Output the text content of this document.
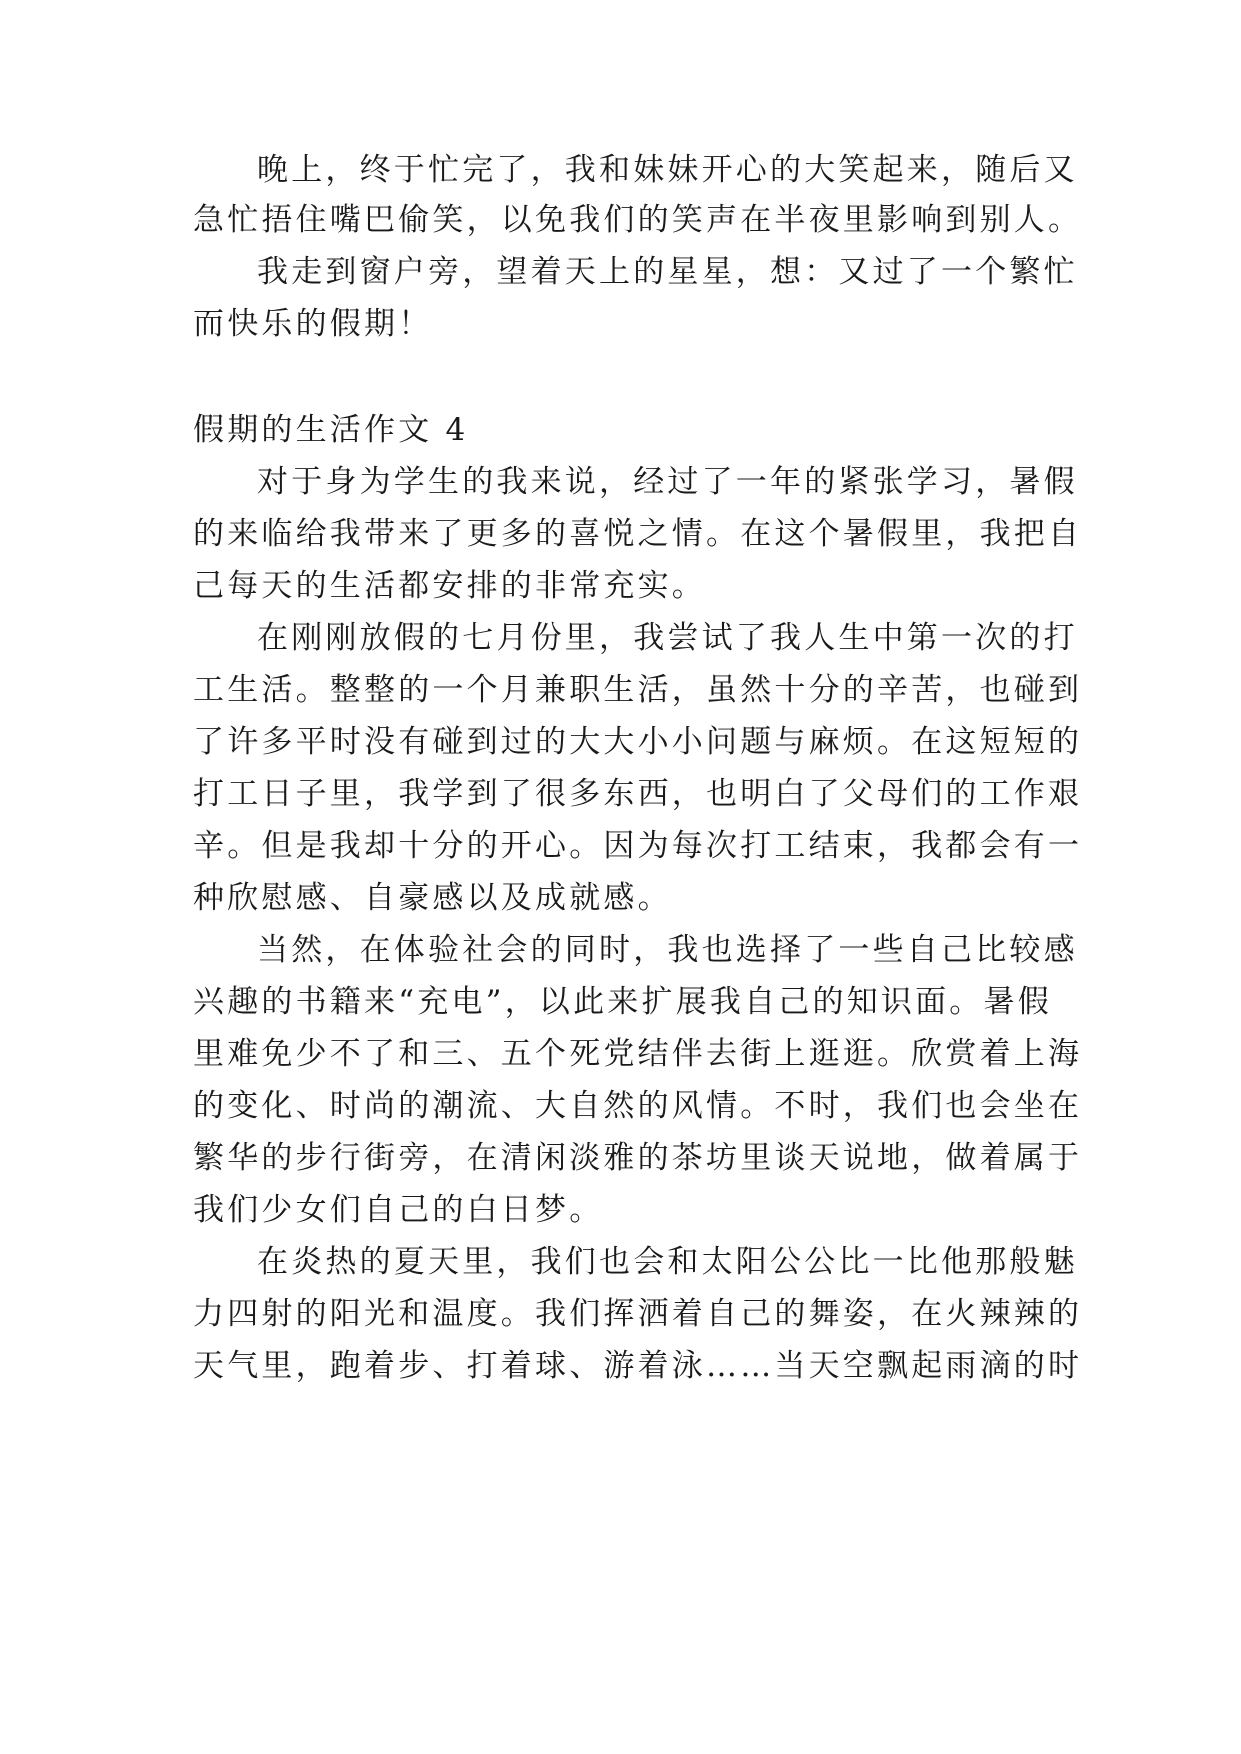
晚上，终于忙完了，我和妹妹开心的大笑起来，随后又
急忙捂住嘴巴偷笑，以免我们的笑声在半夜里影响到别人。
我走到窗户旁，望着天上的星星，想：又过了一个繁忙
而快乐的假期！
假期的生活作文 4
对于身为学生的我来说，经过了一年的紧张学习，暑假
的来临给我带来了更多的喜悦之情。在这个暑假里，我把自
己每天的生活都安排的非常充实。
在刚刚放假的七月份里，我尝试了我人生中第一次的打
工生活。整整的一个月兼职生活，虽然十分的辛苦，也碰到
了许多平时没有碰到过的大大小小问题与麻烦。在这短短的
打工日子里，我学到了很多东西，也明白了父母们的工作艰
辛。但是我却十分的开心。因为每次打工结束，我都会有一
种欣慰感、自豪感以及成就感。
当然，在体验社会的同时，我也选择了一些自己比较感
兴趣的书籍来“充电”，以此来扩展我自己的知识面。暑假
里难免少不了和三、五个死党结伴去街上逛逛。欣赏着上海
的变化、时尚的潮流、大自然的风情。不时，我们也会坐在
繁华的步行街旁，在清闲淡雅的茶坊里谈天说地，做着属于
我们少女们自己的白日梦。
在炎热的夏天里，我们也会和太阳公公比一比他那般魅
力四射的阳光和温度。我们挥洒着自己的舞姿，在火辣辣的
天气里，跑着步、打着球、游着泳……当天空飘起雨滴的时
